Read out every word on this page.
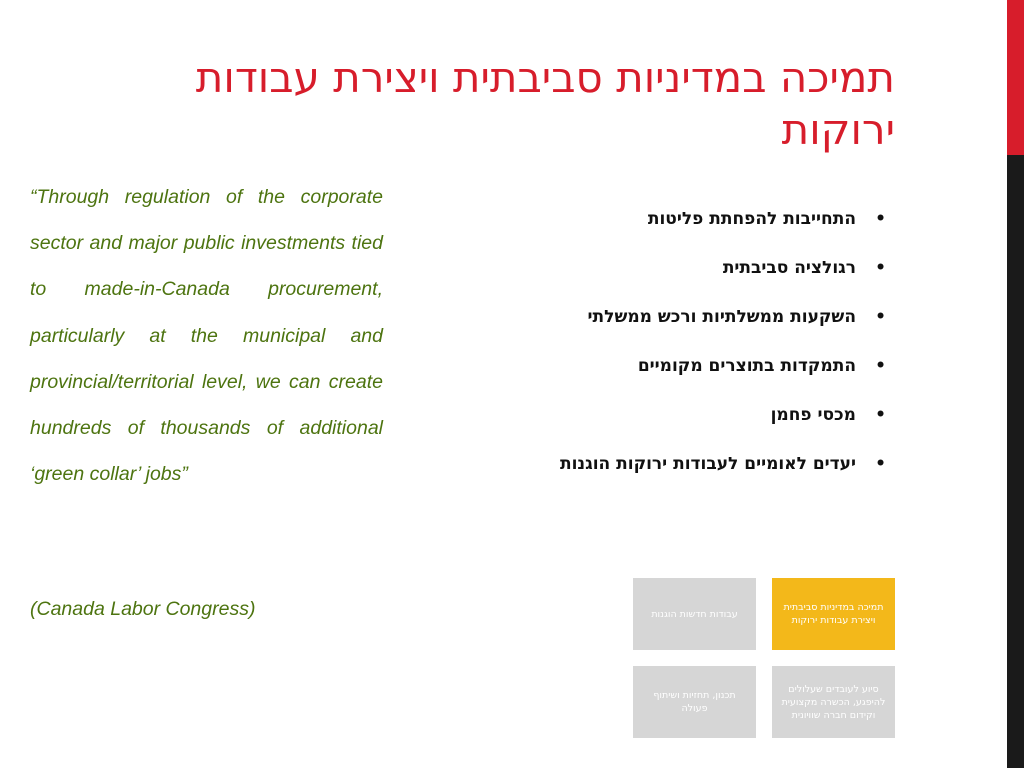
תמיכה במדיניות סביבתית ויצירת עבודות ירוקות
•
התחייבות להפחתת פליטות
•
רגולציה סביבתית
•
השקעות ממשלתיות ורכש ממשלתי
•
התמקדות בתוצרים מקומיים
•
מכסי פחמן
•
יעדים לאומיים לעבודות ירוקות הוגנות

“Through regulation of the corporate sector and major public investments tied to made-in-Canada procurement, particularly at the municipal and provincial/territorial level, we can create hundreds of thousands of additional ‘green collar’ jobs”

(Canada Labor Congress)	עבודות חדשות הוגנות
תמיכה במדיניות סביבתית ויצירת עבודות ירוקות
תכנון, תחזיות ושיתוף פעולה
סיוע לעובדים שעלולים להיפגע, הכשרה מקצועית וקידום חברה שוויונית
